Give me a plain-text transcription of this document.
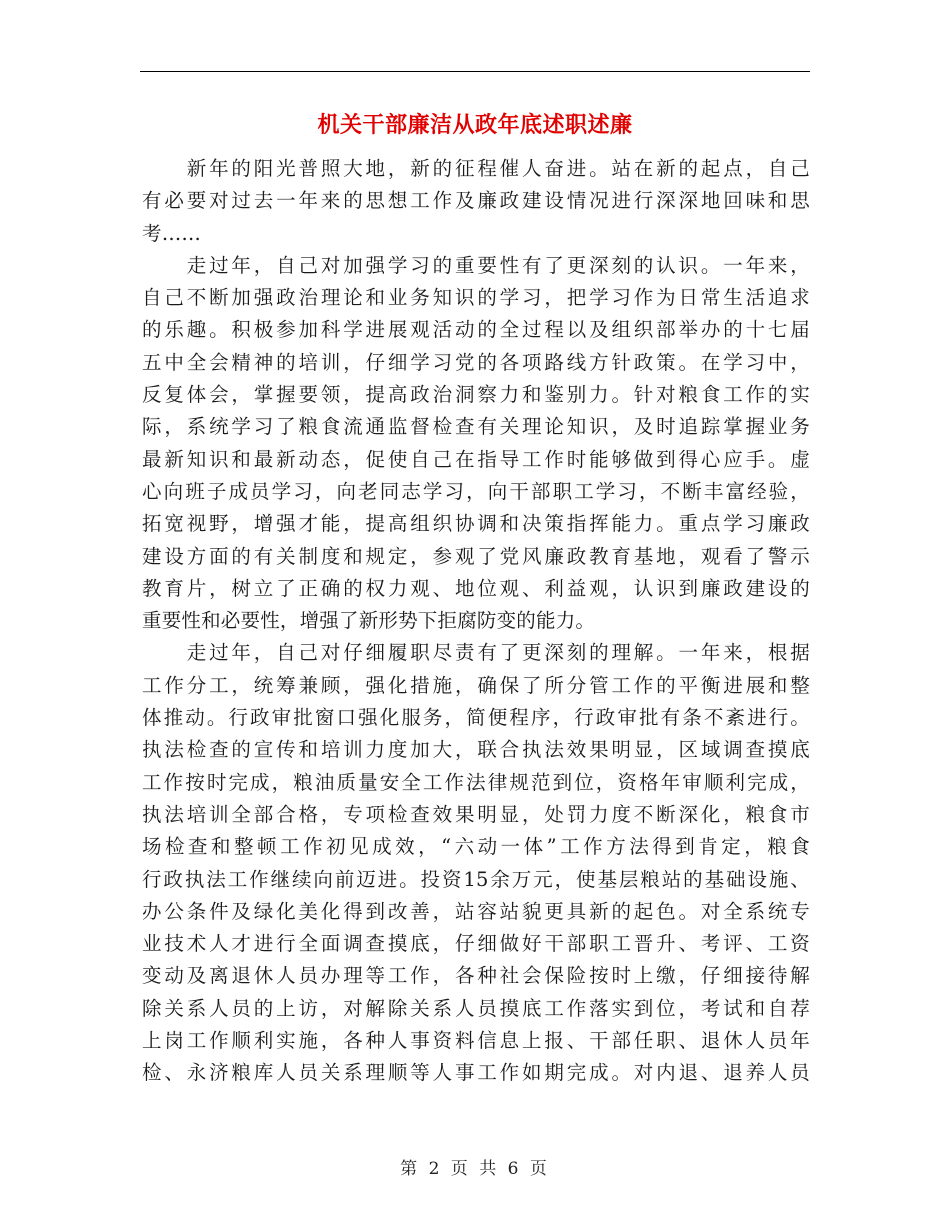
机关干部廉洁从政年底述职述廉
　　新年的阳光普照大地，新的征程催人奋进。站在新的起点，自己
有必要对过去一年来的思想工作及廉政建设情况进行深深地回味和思
考……
　　走过年，自己对加强学习的重要性有了更深刻的认识。一年来，
自己不断加强政治理论和业务知识的学习，把学习作为日常生活追求
的乐趣。积极参加科学进展观活动的全过程以及组织部举办的十七届
五中全会精神的培训，仔细学习党的各项路线方针政策。在学习中，
反复体会，掌握要领，提高政治洞察力和鉴别力。针对粮食工作的实
际，系统学习了粮食流通监督检查有关理论知识，及时追踪掌握业务
最新知识和最新动态，促使自己在指导工作时能够做到得心应手。虚
心向班子成员学习，向老同志学习，向干部职工学习，不断丰富经验，
拓宽视野，增强才能，提高组织协调和决策指挥能力。重点学习廉政
建设方面的有关制度和规定，参观了党风廉政教育基地，观看了警示
教育片，树立了正确的权力观、地位观、利益观，认识到廉政建设的
重要性和必要性，增强了新形势下拒腐防变的能力。
　　走过年，自己对仔细履职尽责有了更深刻的理解。一年来，根据
工作分工，统筹兼顾，强化措施，确保了所分管工作的平衡进展和整
体推动。行政审批窗口强化服务，简便程序，行政审批有条不紊进行。
执法检查的宣传和培训力度加大，联合执法效果明显，区域调查摸底
工作按时完成，粮油质量安全工作法律规范到位，资格年审顺利完成，
执法培训全部合格，专项检查效果明显，处罚力度不断深化，粮食市
场检查和整顿工作初见成效，“六动一体”工作方法得到肯定，粮食
行政执法工作继续向前迈进。投资15余万元，使基层粮站的基础设施、
办公条件及绿化美化得到改善，站容站貌更具新的起色。对全系统专
业技术人才进行全面调查摸底，仔细做好干部职工晋升、考评、工资
变动及离退休人员办理等工作，各种社会保险按时上缴，仔细接待解
除关系人员的上访，对解除关系人员摸底工作落实到位，考试和自荐
上岗工作顺利实施，各种人事资料信息上报、干部任职、退休人员年
检、永济粮库人员关系理顺等人事工作如期完成。对内退、退养人员
第 2 页 共 6 页
